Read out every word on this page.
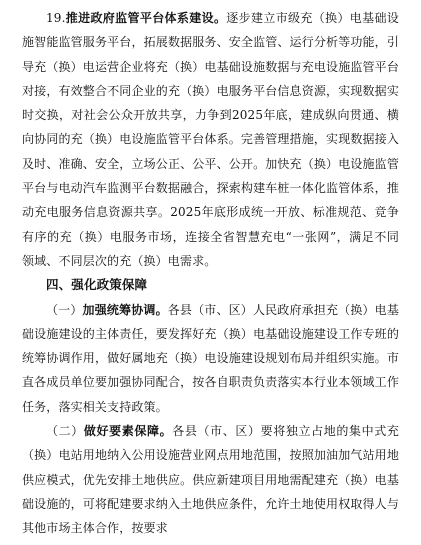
19.推进政府监管平台体系建设。逐步建立市级充（换）电基础设施智能监管服务平台，拓展数据服务、安全监管、运行分析等功能，引导充（换）电运营企业将充（换）电基础设施数据与充电设施监管平台对接，有效整合不同企业的充（换）电服务平台信息资源，实现数据实时交换，对社会公众开放共享，力争到2025年底，建成纵向贯通、横向协同的充（换）电设施监管平台体系。完善管理措施，实现数据接入及时、准确、安全，立场公正、公平、公开。加快充（换）电设施监管平台与电动汽车监测平台数据融合，探索构建车桩一体化监管体系，推动充电服务信息资源共享。2025年底形成统一开放、标准规范、竞争有序的充（换）电服务市场，连接全省智慧充电“一张网”，满足不同领域、不同层次的充（换）电需求。

四、强化政策保障

（一）加强统筹协调。各县（市、区）人民政府承担充（换）电基础设施建设的主体责任，要发挥好充（换）电基础设施建设工作专班的统筹协调作用，做好属地充（换）电设施建设规划布局并组织实施。市直各成员单位要加强协同配合，按各自职责负责落实本行业本领域工作任务，落实相关支持政策。

（二）做好要素保障。各县（市、区）要将独立占地的集中式充（换）电站用地纳入公用设施营业网点用地范围，按照加油加气站用地供应模式，优先安排土地供应。供应新建项目用地需配建充（换）电基础设施的，可将配建要求纳入土地供应条件，允许土地使用权取得人与其他市场主体合作，按要求
